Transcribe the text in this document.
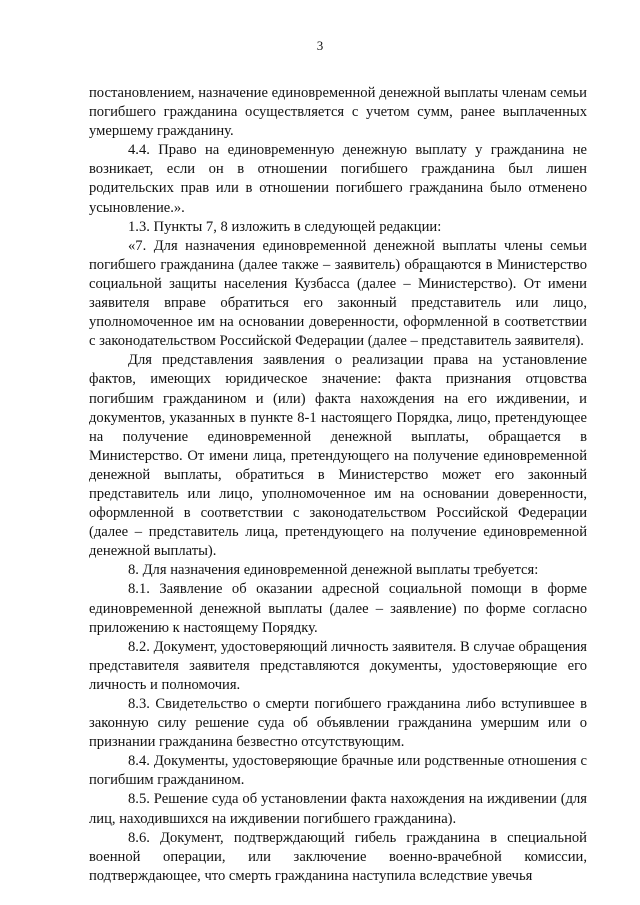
3

постановлением, назначение единовременной денежной выплаты членам семьи погибшего гражданина осуществляется с учетом сумм, ранее выплаченных умершему гражданину.

4.4. Право на единовременную денежную выплату у гражданина не возникает, если он в отношении погибшего гражданина был лишен родительских прав или в отношении погибшего гражданина было отменено усыновление.».

1.3. Пункты 7, 8 изложить в следующей редакции:

«7. Для назначения единовременной денежной выплаты члены семьи погибшего гражданина (далее также – заявитель) обращаются в Министерство социальной защиты населения Кузбасса (далее – Министерство). От имени заявителя вправе обратиться его законный представитель или лицо, уполномоченное им на основании доверенности, оформленной в соответствии с законодательством Российской Федерации (далее – представитель заявителя).

Для представления заявления о реализации права на установление фактов, имеющих юридическое значение: факта признания отцовства погибшим гражданином и (или) факта нахождения на его иждивении, и документов, указанных в пункте 8-1 настоящего Порядка, лицо, претендующее на получение единовременной денежной выплаты, обращается в Министерство. От имени лица, претендующего на получение единовременной денежной выплаты, обратиться в Министерство может его законный представитель или лицо, уполномоченное им на основании доверенности, оформленной в соответствии с законодательством Российской Федерации (далее – представитель лица, претендующего на получение единовременной денежной выплаты).

8. Для назначения единовременной денежной выплаты требуется:

8.1. Заявление об оказании адресной социальной помощи в форме единовременной денежной выплаты (далее – заявление) по форме согласно приложению к настоящему Порядку.

8.2. Документ, удостоверяющий личность заявителя. В случае обращения представителя заявителя представляются документы, удостоверяющие его личность и полномочия.

8.3. Свидетельство о смерти погибшего гражданина либо вступившее в законную силу решение суда об объявлении гражданина умершим или о признании гражданина безвестно отсутствующим.

8.4. Документы, удостоверяющие брачные или родственные отношения с погибшим гражданином.

8.5. Решение суда об установлении факта нахождения на иждивении (для лиц, находившихся на иждивении погибшего гражданина).

8.6. Документ, подтверждающий гибель гражданина в специальной военной операции, или заключение военно-врачебной комиссии, подтверждающее, что смерть гражданина наступила вследствие увечья
